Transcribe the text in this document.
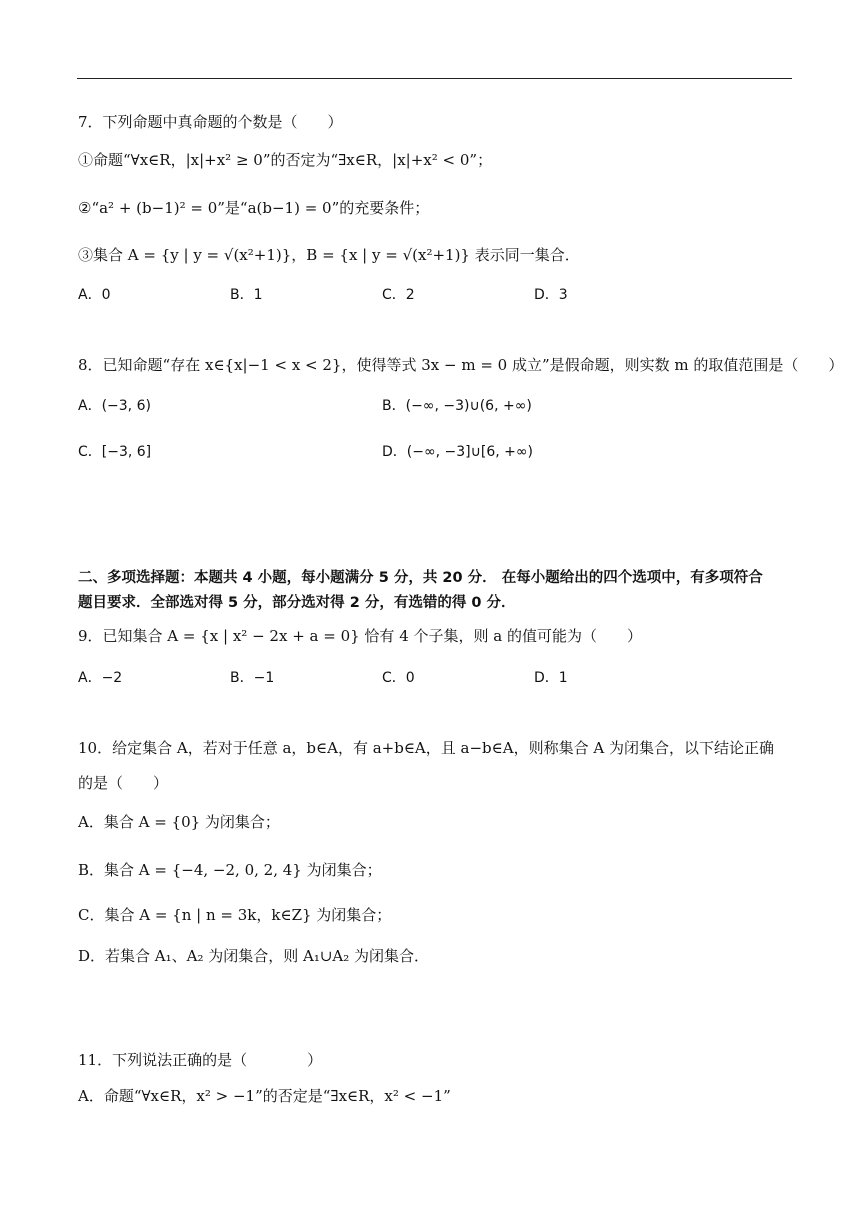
7．下列命题中真命题的个数是（　　）
①命题“∀x∈R，|x|+x² ≥ 0”的否定为“∃x∈R，|x|+x² < 0”；
②“a² + (b−1)² = 0”是“a(b−1) = 0”的充要条件；
③集合 A = {y | y = √(x²+1)}，B = {x | y = √(x²+1)} 表示同一集合．
A．0	B．1	C．2	D．3
8．已知命题“存在 x∈{x|−1 < x < 2}，使得等式 3x − m = 0 成立”是假命题，则实数 m 的取值范围是（　　）
A．(−3, 6)	B．(−∞, −3)∪(6, +∞)
C．[−3, 6]	D．(−∞, −3]∪[6, +∞)
二、多项选择题：本题共 4 小题，每小题满分 5 分，共 20 分． 在每小题给出的四个选项中，有多项符合
题目要求．全部选对得 5 分，部分选对得 2 分，有选错的得 0 分．
9．已知集合 A = {x | x² − 2x + a = 0} 恰有 4 个子集，则 a 的值可能为（　　）
A．−2	B．−1	C．0	D．1
10．给定集合 A，若对于任意 a，b∈A，有 a+b∈A，且 a−b∈A，则称集合 A 为闭集合，以下结论正确
的是（　　）
A．集合 A = {0} 为闭集合；
B．集合 A = {−4, −2, 0, 2, 4} 为闭集合；
C．集合 A = {n | n = 3k，k∈Z} 为闭集合；
D．若集合 A₁、A₂ 为闭集合，则 A₁∪A₂ 为闭集合．
11．下列说法正确的是（　　　　）
A．命题“∀x∈R，x² > −1”的否定是“∃x∈R，x² < −1”
